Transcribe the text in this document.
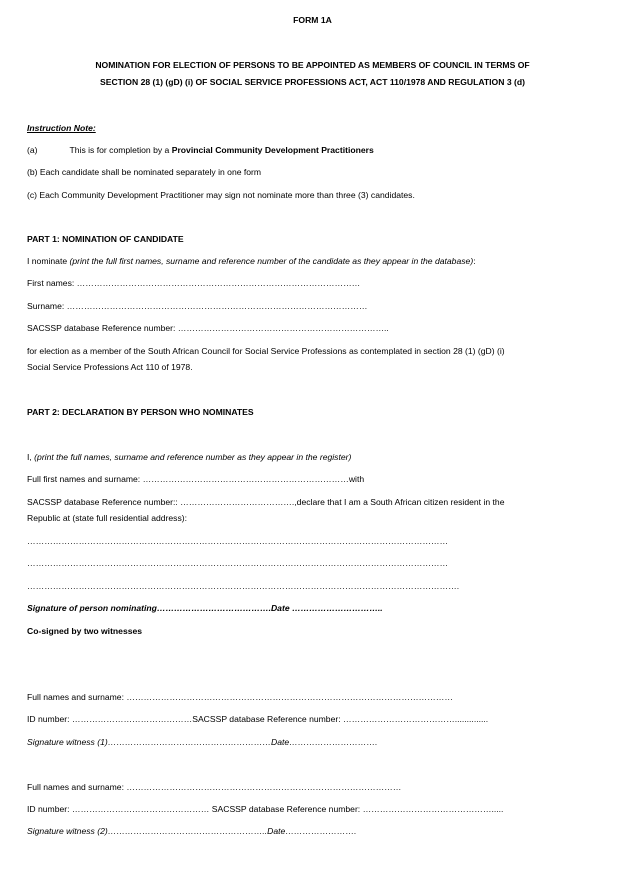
FORM 1A
NOMINATION FOR ELECTION OF PERSONS TO BE APPOINTED AS MEMBERS OF COUNCIL IN TERMS OF
SECTION 28 (1) (gD) (i) OF SOCIAL SERVICE PROFESSIONS ACT, ACT 110/1978 AND REGULATION 3 (d)
Instruction Note:
(a)	This is for completion by a Provincial Community Development Practitioners
(b) Each candidate shall be nominated separately in one form
(c) Each Community Development Practitioner may sign not nominate more than three (3) candidates.
PART 1: NOMINATION OF CANDIDATE
I nominate (print the full first names, surname and reference number of the candidate as they appear in the database):
First names: ………………………………………………………………………………………
Surname: ……………………………………………………………………………………………
SACSSP database Reference number: ………………………………………………………………..
for election as a member of the South African Council for Social Service Professions as contemplated in section 28 (1) (gD) (i)
Social Service Professions Act 110 of 1978.
PART 2: DECLARATION BY PERSON WHO NOMINATES
I, (print the full names, surname and reference number as they appear in the register)
Full first names and surname: ………………………………………………………………with
SACSSP database Reference number:: ………………………………….,declare that I am a South African citizen resident in the
Republic at (state full residential address):
…………………………………………………………………………………………………………………………………
…………………………………………………………………………………………………………………………………
…………………………………………………………………………………………………………………………………….
Signature of person nominating………………………………….Date …………………………..
Co-signed by two witnesses
Full names and surname: ……………………………………………………………………………………………………
ID number: ……………………………………SACSSP database Reference number: …………………………………..............
Signature witness (1)…………………………………………………Date………………………….
Full names and surname: ……………………………………………………………………………………
ID number: ………………………………………… SACSSP database Reference number: ……………………………………….....
Signature witness (2)………………………………………………..Date…………………….
